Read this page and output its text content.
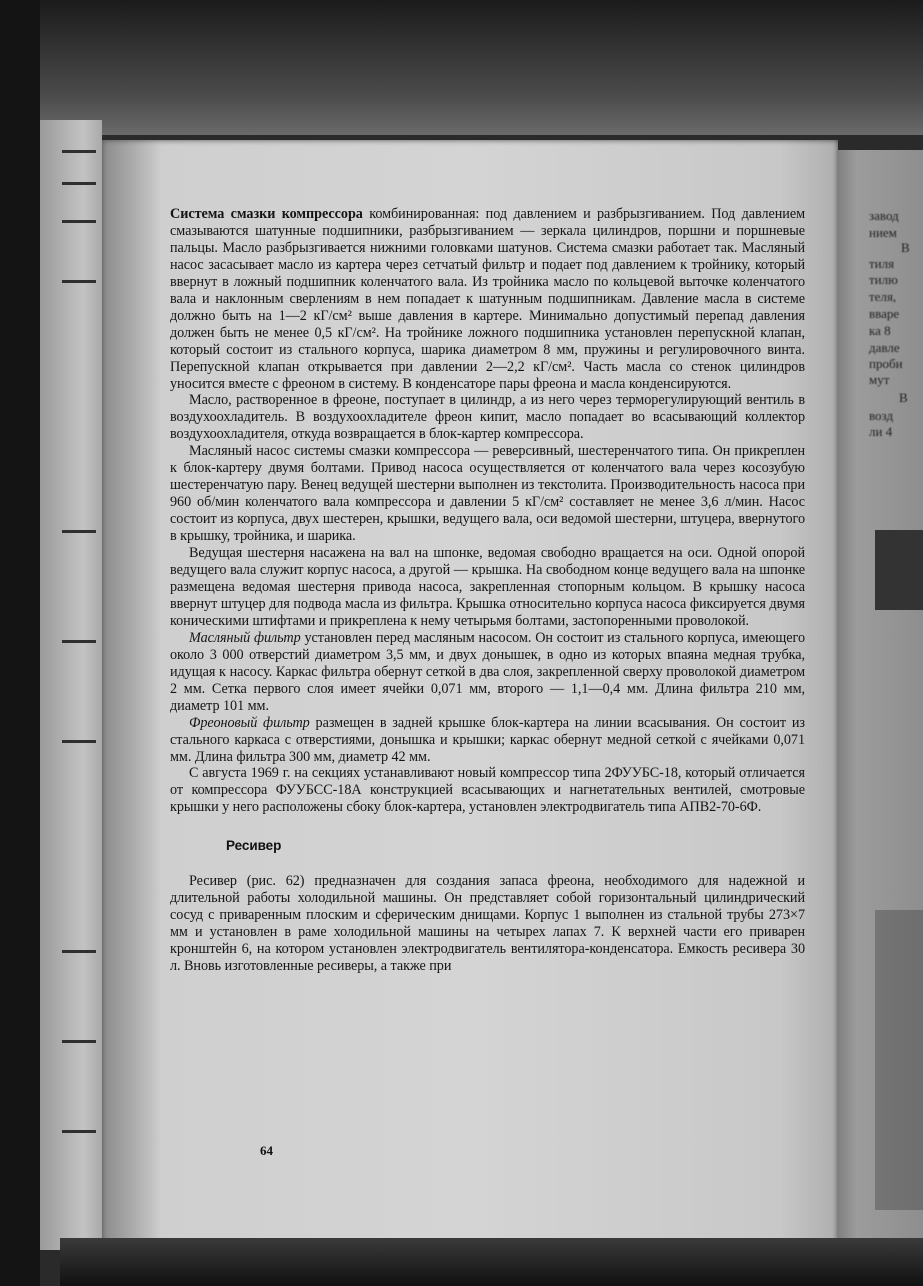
завод
нием
В
тиля
тилю
теля,
вваре
ка 8
давле
проби
мут
В
возд
ли 4

Система смазки компрессора комбинированная: под давлением и разбрызгиванием. Под давлением смазываются шатунные подшипники, разбрызгиванием — зеркала цилиндров, поршни и поршневые пальцы. Масло разбрызгивается нижними головками шатунов. Система смазки работает так. Масляный насос засасывает масло из картера через сетчатый фильтр и подает под давлением к тройнику, который ввернут в ложный подшипник коленчатого вала. Из тройника масло по кольцевой выточке коленчатого вала и наклонным сверлениям в нем попадает к шатунным подшипникам. Давление масла в системе должно быть на 1—2 кГ/см² выше давления в картере. Минимально допустимый перепад давления должен быть не менее 0,5 кГ/см². На тройнике ложного подшипника установлен перепускной клапан, который состоит из стального корпуса, шарика диаметром 8 мм, пружины и регулировочного винта. Перепускной клапан открывается при давлении 2—2,2 кГ/см². Часть масла со стенок цилиндров уносится вместе с фреоном в систему. В конденсаторе пары фреона и масла конденсируются.

Масло, растворенное в фреоне, поступает в цилиндр, а из него через терморегулирующий вентиль в воздухоохладитель. В воздухоохладителе фреон кипит, масло попадает во всасывающий коллектор воздухоохладителя, откуда возвращается в блок-картер компрессора.

Масляный насос системы смазки компрессора — реверсивный, шестеренчатого типа. Он прикреплен к блок-картеру двумя болтами. Привод насоса осуществляется от коленчатого вала через косозубую шестеренчатую пару. Венец ведущей шестерни выполнен из текстолита. Производительность насоса при 960 об/мин коленчатого вала компрессора и давлении 5 кГ/см² составляет не менее 3,6 л/мин. Насос состоит из корпуса, двух шестерен, крышки, ведущего вала, оси ведомой шестерни, штуцера, ввернутого в крышку, тройника, и шарика.

Ведущая шестерня насажена на вал на шпонке, ведомая свободно вращается на оси. Одной опорой ведущего вала служит корпус насоса, а другой — крышка. На свободном конце ведущего вала на шпонке размещена ведомая шестерня привода насоса, закрепленная стопорным кольцом. В крышку насоса ввернут штуцер для подвода масла из фильтра. Крышка относительно корпуса насоса фиксируется двумя коническими штифтами и прикреплена к нему четырьмя болтами, застопоренными проволокой.

Масляный фильтр установлен перед масляным насосом. Он состоит из стального корпуса, имеющего около 3 000 отверстий диаметром 3,5 мм, и двух донышек, в одно из которых впаяна медная трубка, идущая к насосу. Каркас фильтра обернут сеткой в два слоя, закрепленной сверху проволокой диаметром 2 мм. Сетка первого слоя имеет ячейки 0,071 мм, второго — 1,1—0,4 мм. Длина фильтра 210 мм, диаметр 101 мм.

Фреоновый фильтр размещен в задней крышке блок-картера на линии всасывания. Он состоит из стального каркаса с отверстиями, донышка и крышки; каркас обернут медной сеткой с ячейками 0,071 мм. Длина фильтра 300 мм, диаметр 42 мм.

С августа 1969 г. на секциях устанавливают новый компрессор типа 2ФУУБС-18, который отличается от компрессора ФУУБСС-18А конструкцией всасывающих и нагнетательных вентилей, смотровые крышки у него расположены сбоку блок-картера, установлен электродвигатель типа АПВ2-70-6Ф.

Ресивер

Ресивер (рис. 62) предназначен для создания запаса фреона, необходимого для надежной и длительной работы холодильной машины. Он представляет собой горизонтальный цилиндрический сосуд с приваренным плоским и сферическим днищами. Корпус 1 выполнен из стальной трубы 273×7 мм и установлен в раме холодильной машины на четырех лапах 7. К верхней части его приварен кронштейн 6, на котором установлен электродвигатель вентилятора-конденсатора. Емкость ресивера 30 л. Вновь изготовленные ресиверы, а также при

64
